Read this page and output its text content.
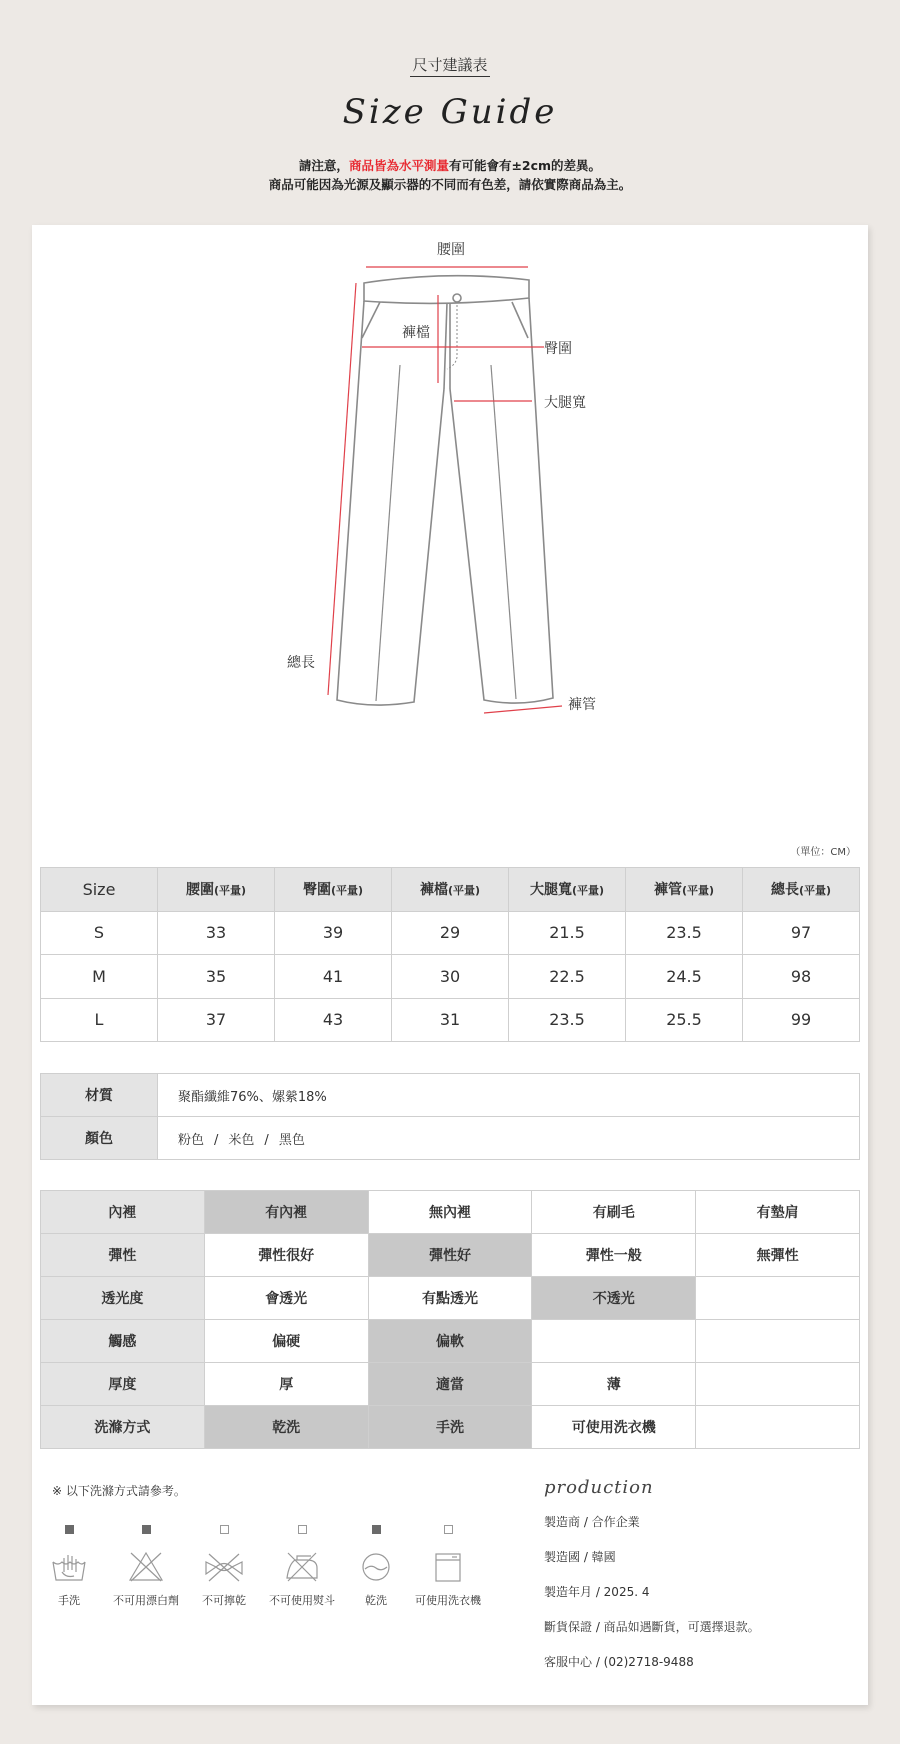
尺寸建議表
Size Guide
請注意，商品皆為水平測量有可能會有±2cm的差異。
商品可能因為光源及顯示器的不同而有色差，請依實際商品為主。
腰圍
褲檔
臀圍
大腿寬
總長
褲管
（單位：CM）
Size	腰圍(平量)	臀圍(平量)	褲檔(平量)	大腿寬(平量)	褲管(平量)	總長(平量)
S	33	39	29	21.5	23.5	97
M	35	41	30	22.5	24.5	98
L	37	43	31	23.5	25.5	99
材質	聚酯纖維76%、嫘縈18%
顏色	粉色 / 米色 / 黑色
內裡	有內裡	無內裡	有刷毛	有墊肩
彈性	彈性很好	彈性好	彈性一般	無彈性
透光度	會透光	有點透光	不透光	
觸感	偏硬	偏軟		
厚度	厚	適當	薄	
洗滌方式	乾洗	手洗	可使用洗衣機	
※ 以下洗滌方式請參考。
手洗	不可用漂白劑	不可擰乾	不可使用熨斗	乾洗	可使用洗衣機
production
製造商 / 合作企業
製造國 / 韓國
製造年月 / 2025. 4
斷貨保證 / 商品如遇斷貨，可選擇退款。
客服中心 / (02)2718-9488
